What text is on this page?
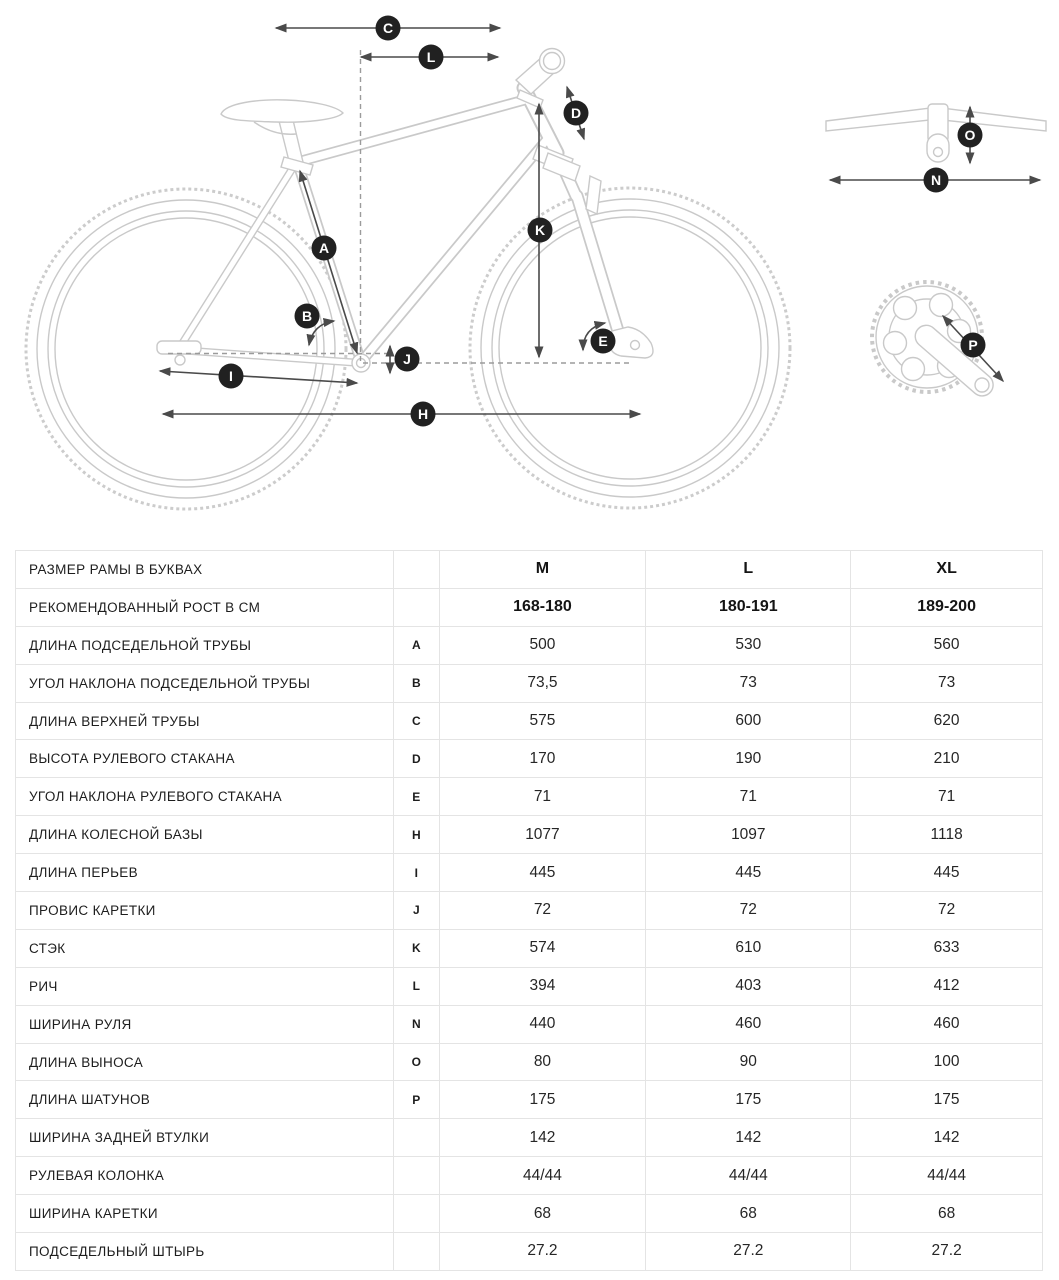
C
L
D
A
B
K
E
J
I
H
O
N
P
РАЗМЕР РАМЫ В БУКВАХ		M	L	XL
РЕКОМЕНДОВАННЫЙ РОСТ В СМ		168-180	180-191	189-200
ДЛИНА ПОДСЕДЕЛЬНОЙ ТРУБЫ	A	500	530	560
УГОЛ НАКЛОНА ПОДСЕДЕЛЬНОЙ ТРУБЫ	B	73,5	73	73
ДЛИНА ВЕРХНЕЙ ТРУБЫ	C	575	600	620
ВЫСОТА РУЛЕВОГО СТАКАНА	D	170	190	210
УГОЛ НАКЛОНА РУЛЕВОГО СТАКАНА	E	71	71	71
ДЛИНА КОЛЕСНОЙ БАЗЫ	H	1077	1097	1118
ДЛИНА ПЕРЬЕВ	I	445	445	445
ПРОВИС КАРЕТКИ	J	72	72	72
СТЭК	K	574	610	633
РИЧ	L	394	403	412
ШИРИНА РУЛЯ	N	440	460	460
ДЛИНА ВЫНОСА	O	80	90	100
ДЛИНА ШАТУНОВ	P	175	175	175
ШИРИНА ЗАДНЕЙ ВТУЛКИ		142	142	142
РУЛЕВАЯ КОЛОНКА		44/44	44/44	44/44
ШИРИНА КАРЕТКИ		68	68	68
ПОДСЕДЕЛЬНЫЙ ШТЫРЬ		27.2	27.2	27.2
